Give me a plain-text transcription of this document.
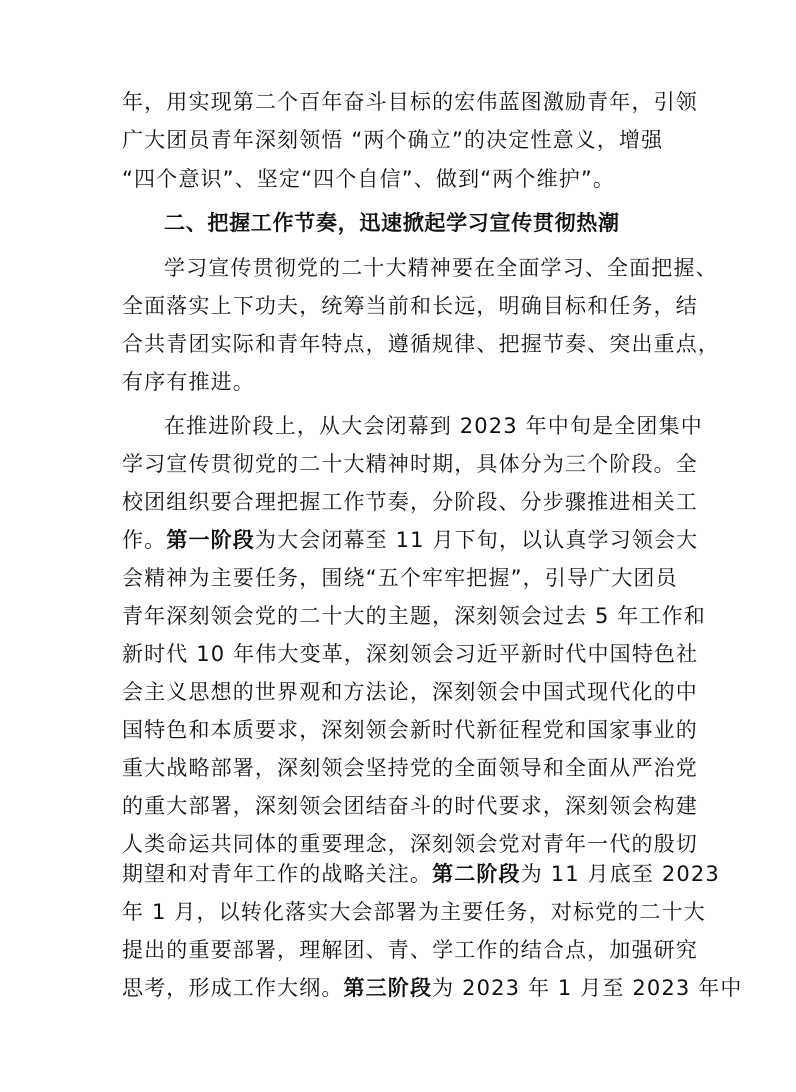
年，用实现第二个百年奋斗目标的宏伟蓝图激励青年，引领
广大团员青年深刻领悟 “两个确立”的决定性意义，增强
“四个意识”、坚定“四个自信”、做到“两个维护”。
二、把握工作节奏，迅速掀起学习宣传贯彻热潮
学习宣传贯彻党的二十大精神要在全面学习、全面把握、
全面落实上下功夫，统筹当前和长远，明确目标和任务，结
合共青团实际和青年特点，遵循规律、把握节奏、突出重点，
有序有推进。
在推进阶段上，从大会闭幕到 2023 年中旬是全团集中
学习宣传贯彻党的二十大精神时期，具体分为三个阶段。全
校团组织要合理把握工作节奏，分阶段、分步骤推进相关工
作。第一阶段为大会闭幕至 11 月下旬，以认真学习领会大
会精神为主要任务，围绕“五个牢牢把握”，引导广大团员
青年深刻领会党的二十大的主题，深刻领会过去 5 年工作和
新时代 10 年伟大变革，深刻领会习近平新时代中国特色社
会主义思想的世界观和方法论，深刻领会中国式现代化的中
国特色和本质要求，深刻领会新时代新征程党和国家事业的
重大战略部署，深刻领会坚持党的全面领导和全面从严治党
的重大部署，深刻领会团结奋斗的时代要求，深刻领会构建
人类命运共同体的重要理念，深刻领会党对青年一代的殷切
期望和对青年工作的战略关注。第二阶段为 11 月底至 2023
年 1 月，以转化落实大会部署为主要任务，对标党的二十大
提出的重要部署，理解团、青、学工作的结合点，加强研究
思考，形成工作大纲。第三阶段为 2023 年 1 月至 2023 年中
